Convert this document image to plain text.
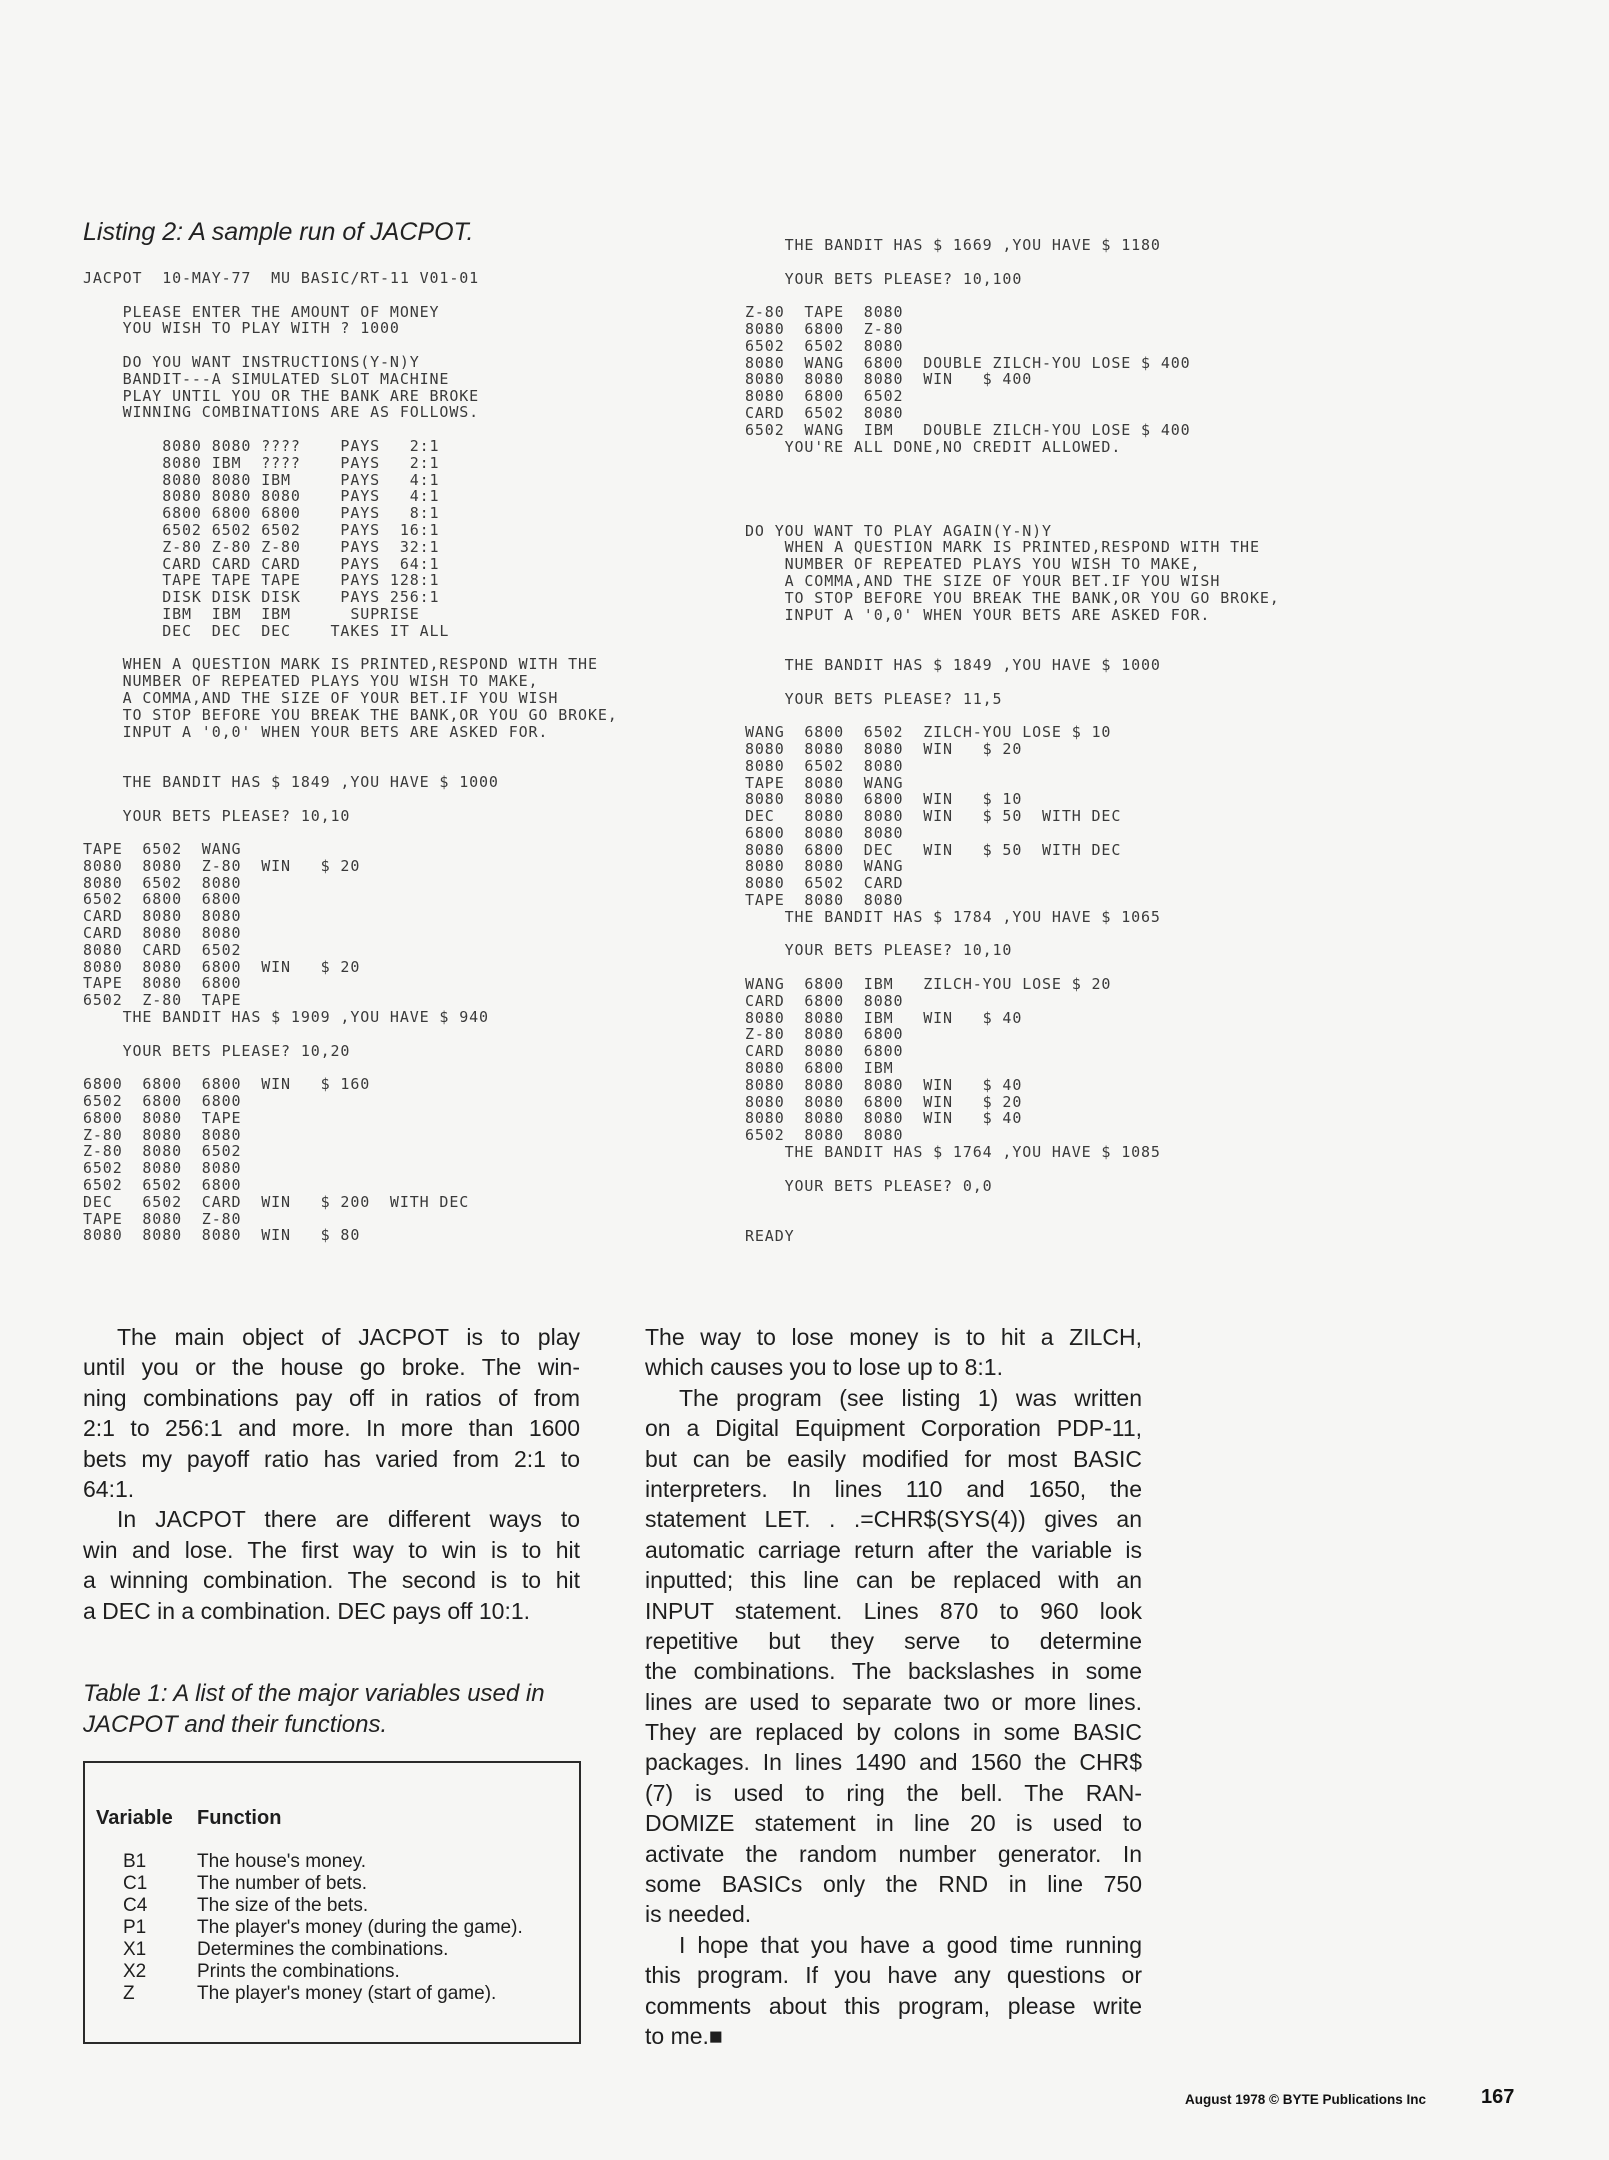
Listing 2: A sample run of JACPOT.
JACPOT  10-MAY-77  MU BASIC/RT-11 V01-01
PLEASE ENTER THE AMOUNT OF MONEY
YOU WISH TO PLAY WITH ? 1000
DO YOU WANT INSTRUCTIONS(Y-N)Y
BANDIT---A SIMULATED SLOT MACHINE
PLAY UNTIL YOU OR THE BANK ARE BROKE
WINNING COMBINATIONS ARE AS FOLLOWS.
8080 8080 ????    PAYS   2:1
8080 IBM  ????    PAYS   2:1
8080 8080 IBM     PAYS   4:1
8080 8080 8080    PAYS   4:1
6800 6800 6800    PAYS   8:1
6502 6502 6502    PAYS  16:1
Z-80 Z-80 Z-80    PAYS  32:1
CARD CARD CARD    PAYS  64:1
TAPE TAPE TAPE    PAYS 128:1
DISK DISK DISK    PAYS 256:1
IBM  IBM  IBM      SUPRISE
DEC  DEC  DEC    TAKES IT ALL
WHEN A QUESTION MARK IS PRINTED,RESPOND WITH THE
NUMBER OF REPEATED PLAYS YOU WISH TO MAKE,
A COMMA,AND THE SIZE OF YOUR BET.IF YOU WISH
TO STOP BEFORE YOU BREAK THE BANK,OR YOU GO BROKE,
INPUT A '0,0' WHEN YOUR BETS ARE ASKED FOR.
THE BANDIT HAS $ 1849 ,YOU HAVE $ 1000
YOUR BETS PLEASE? 10,10
TAPE  6502  WANG
8080  8080  Z-80  WIN   $ 20
8080  6502  8080
6502  6800  6800
CARD  8080  8080
CARD  8080  8080
8080  CARD  6502
8080  8080  6800  WIN   $ 20
TAPE  8080  6800
6502  Z-80  TAPE
THE BANDIT HAS $ 1909 ,YOU HAVE $ 940
YOUR BETS PLEASE? 10,20
6800  6800  6800  WIN   $ 160
6502  6800  6800
6800  8080  TAPE
Z-80  8080  8080
Z-80  8080  6502
6502  8080  8080
6502  6502  6800
DEC   6502  CARD  WIN   $ 200  WITH DEC
TAPE  8080  Z-80
8080  8080  8080  WIN   $ 80
THE BANDIT HAS $ 1669 ,YOU HAVE $ 1180
YOUR BETS PLEASE? 10,100
Z-80  TAPE  8080
8080  6800  Z-80
6502  6502  8080
8080  WANG  6800  DOUBLE ZILCH-YOU LOSE $ 400
8080  8080  8080  WIN   $ 400
8080  6800  6502
CARD  6502  8080
6502  WANG  IBM   DOUBLE ZILCH-YOU LOSE $ 400
YOU'RE ALL DONE,NO CREDIT ALLOWED.
DO YOU WANT TO PLAY AGAIN(Y-N)Y
WHEN A QUESTION MARK IS PRINTED,RESPOND WITH THE
NUMBER OF REPEATED PLAYS YOU WISH TO MAKE,
A COMMA,AND THE SIZE OF YOUR BET.IF YOU WISH
TO STOP BEFORE YOU BREAK THE BANK,OR YOU GO BROKE,
INPUT A '0,0' WHEN YOUR BETS ARE ASKED FOR.
THE BANDIT HAS $ 1849 ,YOU HAVE $ 1000
YOUR BETS PLEASE? 11,5
WANG  6800  6502  ZILCH-YOU LOSE $ 10
8080  8080  8080  WIN   $ 20
8080  6502  8080
TAPE  8080  WANG
8080  8080  6800  WIN   $ 10
DEC   8080  8080  WIN   $ 50  WITH DEC
6800  8080  8080
8080  6800  DEC   WIN   $ 50  WITH DEC
8080  8080  WANG
8080  6502  CARD
TAPE  8080  8080
THE BANDIT HAS $ 1784 ,YOU HAVE $ 1065
YOUR BETS PLEASE? 10,10
WANG  6800  IBM   ZILCH-YOU LOSE $ 20
CARD  6800  8080
8080  8080  IBM   WIN   $ 40
Z-80  8080  6800
CARD  8080  6800
8080  6800  IBM
8080  8080  8080  WIN   $ 40
8080  8080  6800  WIN   $ 20
8080  8080  8080  WIN   $ 40
6502  8080  8080
THE BANDIT HAS $ 1764 ,YOU HAVE $ 1085
YOUR BETS PLEASE? 0,0
READY
The main object of JACPOT is to play
until you or the house go broke. The win-
ning combinations pay off in ratios of from
2:1 to 256:1 and more. In more than 1600
bets my payoff ratio has varied from 2:1 to
64:1.
In JACPOT there are different ways to
win and lose. The first way to win is to hit
a winning combination. The second is to hit
a DEC in a combination. DEC pays off 10:1.
The way to lose money is to hit a ZILCH,
which causes you to lose up to 8:1.
The program (see listing 1) was written
on a Digital Equipment Corporation PDP-11,
but can be easily modified for most BASIC
interpreters. In lines 110 and 1650, the
statement LET. . .=CHR$(SYS(4)) gives an
automatic carriage return after the variable is
inputted; this line can be replaced with an
INPUT statement. Lines 870 to 960 look
repetitive but they serve to determine
the combinations. The backslashes in some
lines are used to separate two or more lines.
They are replaced by colons in some BASIC
packages. In lines 1490 and 1560 the CHR$
(7) is used to ring the bell. The RAN-
DOMIZE statement in line 20 is used to
activate the random number generator. In
some BASICs only the RND in line 750
is needed.
I hope that you have a good time running
this program. If you have any questions or
comments about this program, please write
to me.■
Table 1: A list of the major variables used in
JACPOT and their functions.
Variable Function
B1	The house's money.
C1	The number of bets.
C4	The size of the bets.
P1	The player's money (during the game).
X1	Determines the combinations.
X2	Prints the combinations.
Z	The player's money (start of game).
August 1978 © BYTE Publications Inc	167
